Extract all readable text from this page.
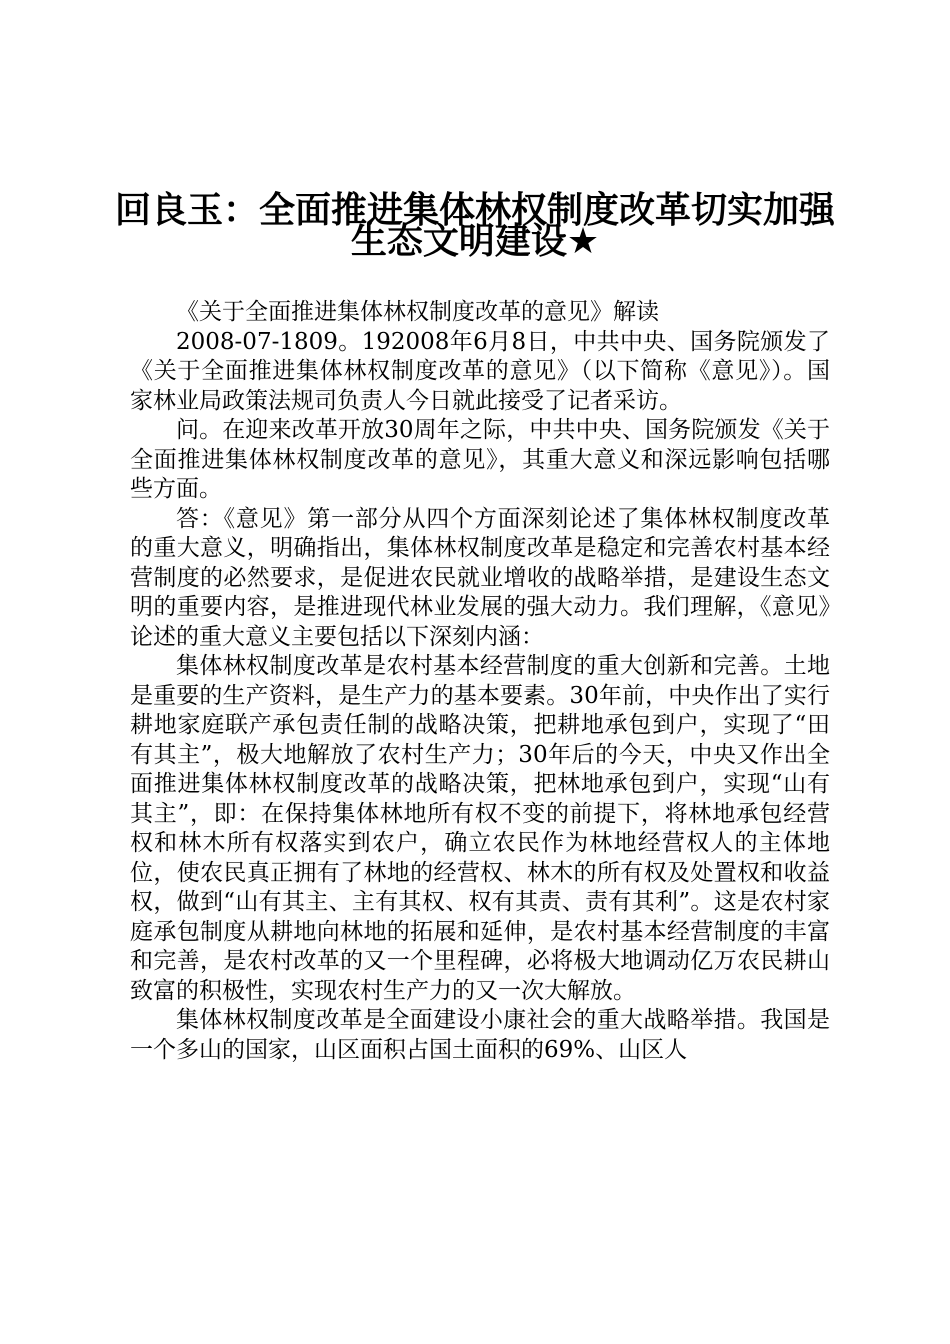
回良玉：全面推进集体林权制度改革切实加强
生态文明建设★

《关于全面推进集体林权制度改革的意见》解读

2008-07-1809。192008年6月8日，中共中央、国务院颁发了《关于全面推进集体林权制度改革的意见》（以下简称《意见》）。国家林业局政策法规司负责人今日就此接受了记者采访。

问。在迎来改革开放30周年之际，中共中央、国务院颁发《关于全面推进集体林权制度改革的意见》，其重大意义和深远影响包括哪些方面。

答：《意见》第一部分从四个方面深刻论述了集体林权制度改革的重大意义，明确指出，集体林权制度改革是稳定和完善农村基本经营制度的必然要求，是促进农民就业增收的战略举措，是建设生态文明的重要内容，是推进现代林业发展的强大动力。我们理解，《意见》论述的重大意义主要包括以下深刻内涵：

集体林权制度改革是农村基本经营制度的重大创新和完善。土地是重要的生产资料，是生产力的基本要素。30年前，中央作出了实行耕地家庭联产承包责任制的战略决策，把耕地承包到户，实现了“田有其主”，极大地解放了农村生产力；30年后的今天，中央又作出全面推进集体林权制度改革的战略决策，把林地承包到户，实现“山有其主”，即：在保持集体林地所有权不变的前提下，将林地承包经营权和林木所有权落实到农户，确立农民作为林地经营权人的主体地位，使农民真正拥有了林地的经营权、林木的所有权及处置权和收益权，做到“山有其主、主有其权、权有其责、责有其利”。这是农村家庭承包制度从耕地向林地的拓展和延伸，是农村基本经营制度的丰富和完善，是农村改革的又一个里程碑，必将极大地调动亿万农民耕山致富的积极性，实现农村生产力的又一次大解放。

集体林权制度改革是全面建设小康社会的重大战略举措。我国是一个多山的国家，山区面积占国土面积的69%、山区人
